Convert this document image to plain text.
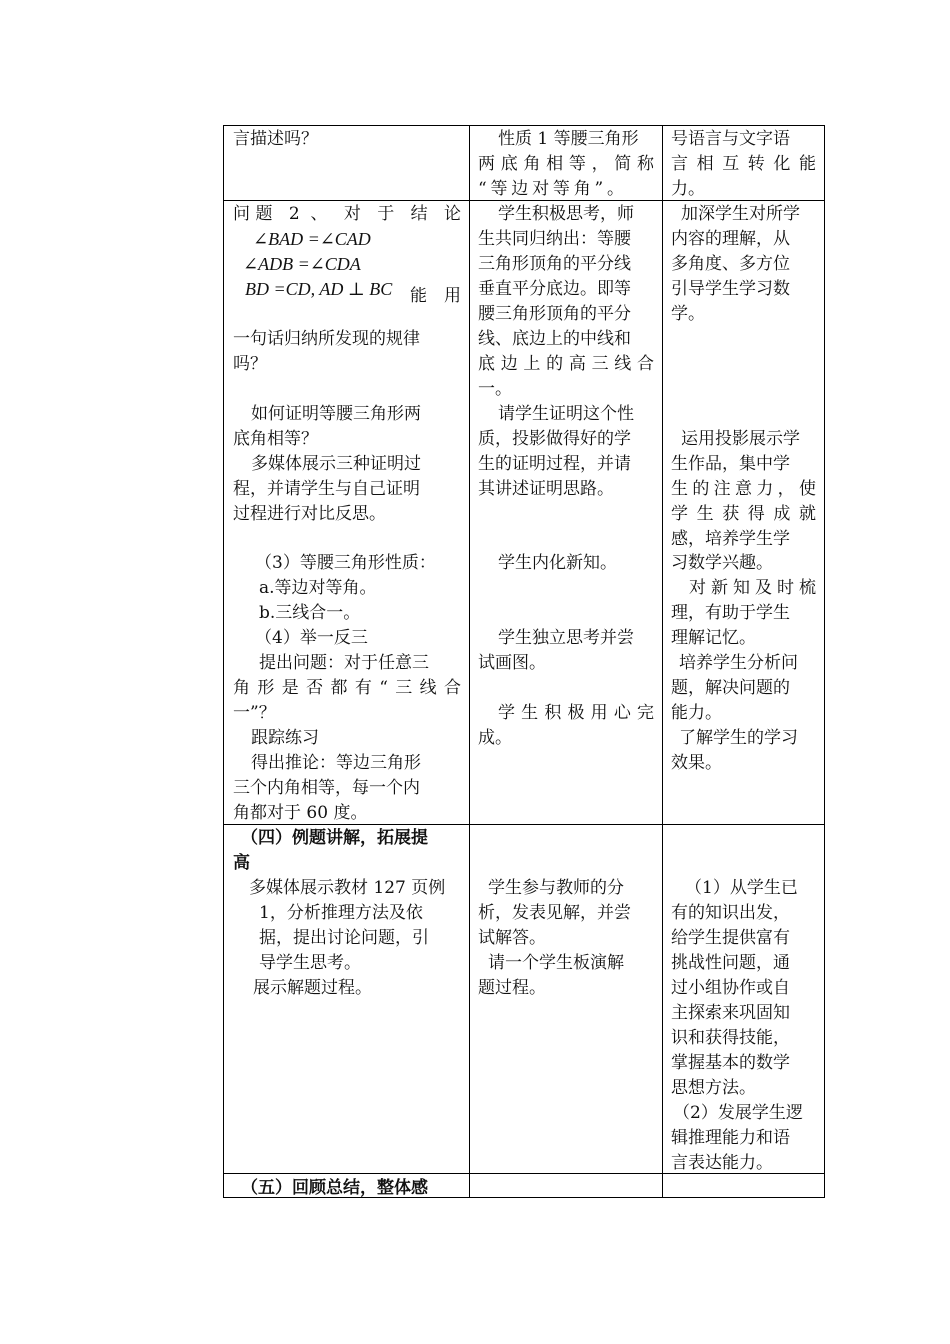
言描述吗？	性质 1 等腰三角形
两底角相等，简称
“等边对等角”。
号语言与文字语
言相互转化能
力。
问题 2 、 对 于 结 论
∠BAD =∠CAD
∠ADB =∠CDA
BD =CD, AD ⊥ BC 能　用
一句话归纳所发现的规律
吗？
如何证明等腰三角形两
底角相等？
多媒体展示三种证明过
程，并请学生与自己证明
过程进行对比反思。
（3）等腰三角形性质：
a.等边对等角。
b.三线合一。
（4）举一反三
提出问题：对于任意三
角形是否都有“三线合
一”？
跟踪练习
得出推论：等边三角形
三个内角相等，每一个内
角都对于 60 度。
学生积极思考，师
生共同归纳出：等腰
三角形顶角的平分线
垂直平分底边。即等
腰三角形顶角的平分
线、底边上的中线和
底边上的高三线合
一。
请学生证明这个性
质，投影做得好的学
生的证明过程，并请
其讲述证明思路。
学生内化新知。
学生独立思考并尝
试画图。
学生积极用心完
成。
加深学生对所学
内容的理解，从
多角度、多方位
引导学生学习数
学。
运用投影展示学
生作品，集中学
生的注意力，使
学生获得成就
感，培养学生学
习数学兴趣。
对新知及时梳
理，有助于学生
理解记忆。
培养学生分析问
题，解决问题的
能力。
了解学生的学习
效果。
（四）例题讲解，拓展提
高
多媒体展示教材 127 页例
1，分析推理方法及依
据，提出讨论问题，引
导学生思考。
展示解题过程。
学生参与教师的分
析，发表见解，并尝
试解答。
请一个学生板演解
题过程。
（1）从学生已
有的知识出发，
给学生提供富有
挑战性问题，通
过小组协作或自
主探索来巩固知
识和获得技能，
掌握基本的数学
思想方法。
（2）发展学生逻
辑推理能力和语
言表达能力。
（五）回顾总结，整体感
